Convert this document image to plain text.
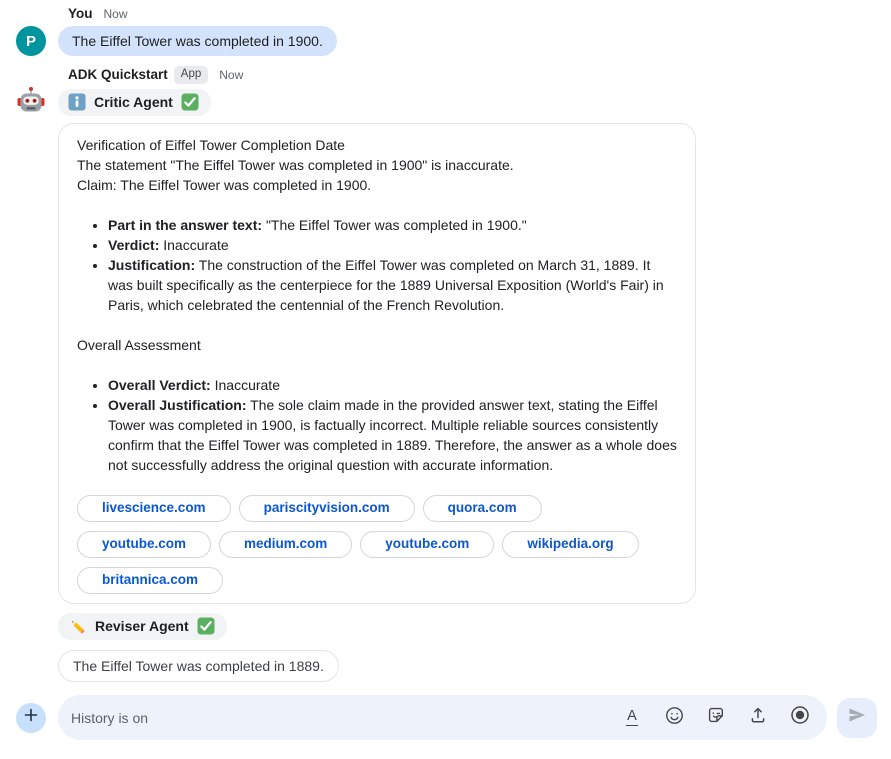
You Now
P	The Eiffel Tower was completed in 1900.
ADK Quickstart	App	Now
Critic Agent

Verification of Eiffel Tower Completion Date

The statement "The Eiffel Tower was completed in 1900" is inaccurate.

Claim: The Eiffel Tower was completed in 1900.

• Part in the answer text: "The Eiffel Tower was completed in 1900."
• Verdict: Inaccurate
• Justification: The construction of the Eiffel Tower was completed on March 31, 1889. It was built specifically as the centerpiece for the 1889 Universal Exposition (World's Fair) in Paris, which celebrated the centennial of the French Revolution.

Overall Assessment

• Overall Verdict: Inaccurate
• Overall Justification: The sole claim made in the provided answer text, stating the Eiffel Tower was completed in 1900, is factually incorrect. Multiple reliable sources consistently confirm that the Eiffel Tower was completed in 1889. Therefore, the answer as a whole does not successfully address the original question with accurate information.
livescience.com	pariscityvision.com	quora.com
youtube.com	medium.com	youtube.com	wikipedia.org
britannica.com
Reviser Agent
The Eiffel Tower was completed in 1889.
History is on	A
